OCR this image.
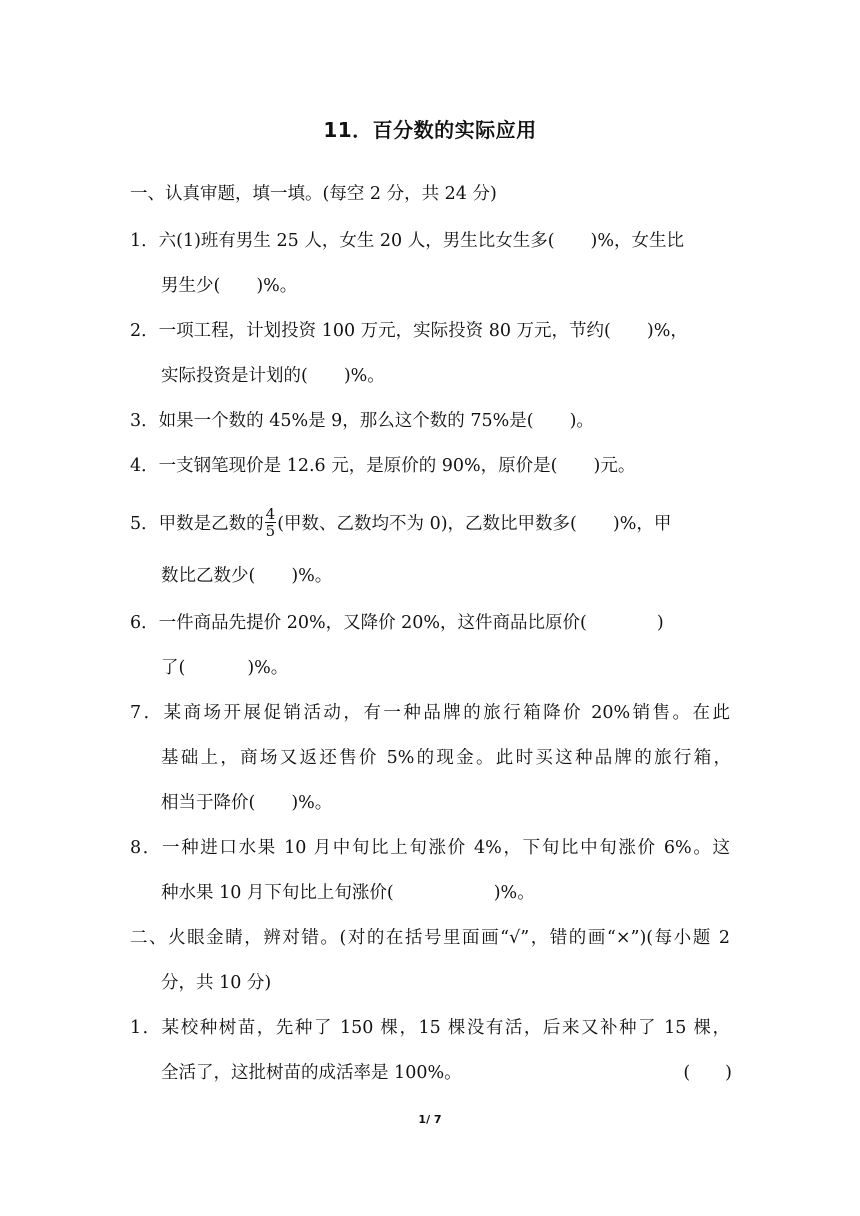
11．百分数的实际应用
一、认真审题，填一填。(每空 2 分，共 24 分)
1．六(1)班有男生 25 人，女生 20 人，男生比女生多( )%，女生比
男生少( )%。
2．一项工程，计划投资 100 万元，实际投资 80 万元，节约( )%，
实际投资是计划的( )%。
3．如果一个数的 45%是 9，那么这个数的 75%是( )。
4．一支钢笔现价是 12.6 元，是原价的 90%，原价是( )元。
5．甲数是乙数的 $\frac{4}{5}$ (甲数、乙数均不为 0)，乙数比甲数多( )%，甲
数比乙数少( )%。
6．一件商品先提价 20%，又降价 20%，这件商品比原价(	)
了(	)%。
7．某商场开展促销活动，有一种品牌的旅行箱降价 20%销售。在此
基础上，商场又返还售价 5%的现金。此时买这种品牌的旅行箱，
相当于降价( )%。
8．一种进口水果 10 月中旬比上旬涨价 4%，下旬比中旬涨价 6%。这
种水果 10 月下旬比上旬涨价(	)%。
二、火眼金睛，辨对错。(对的在括号里面画“√”，错的画“×”)(每小题 2
分，共 10 分)
1．某校种树苗，先种了 150 棵，15 棵没有活，后来又补种了 15 棵，
全活了，这批树苗的成活率是 100%。	(　　)
1/ 7
